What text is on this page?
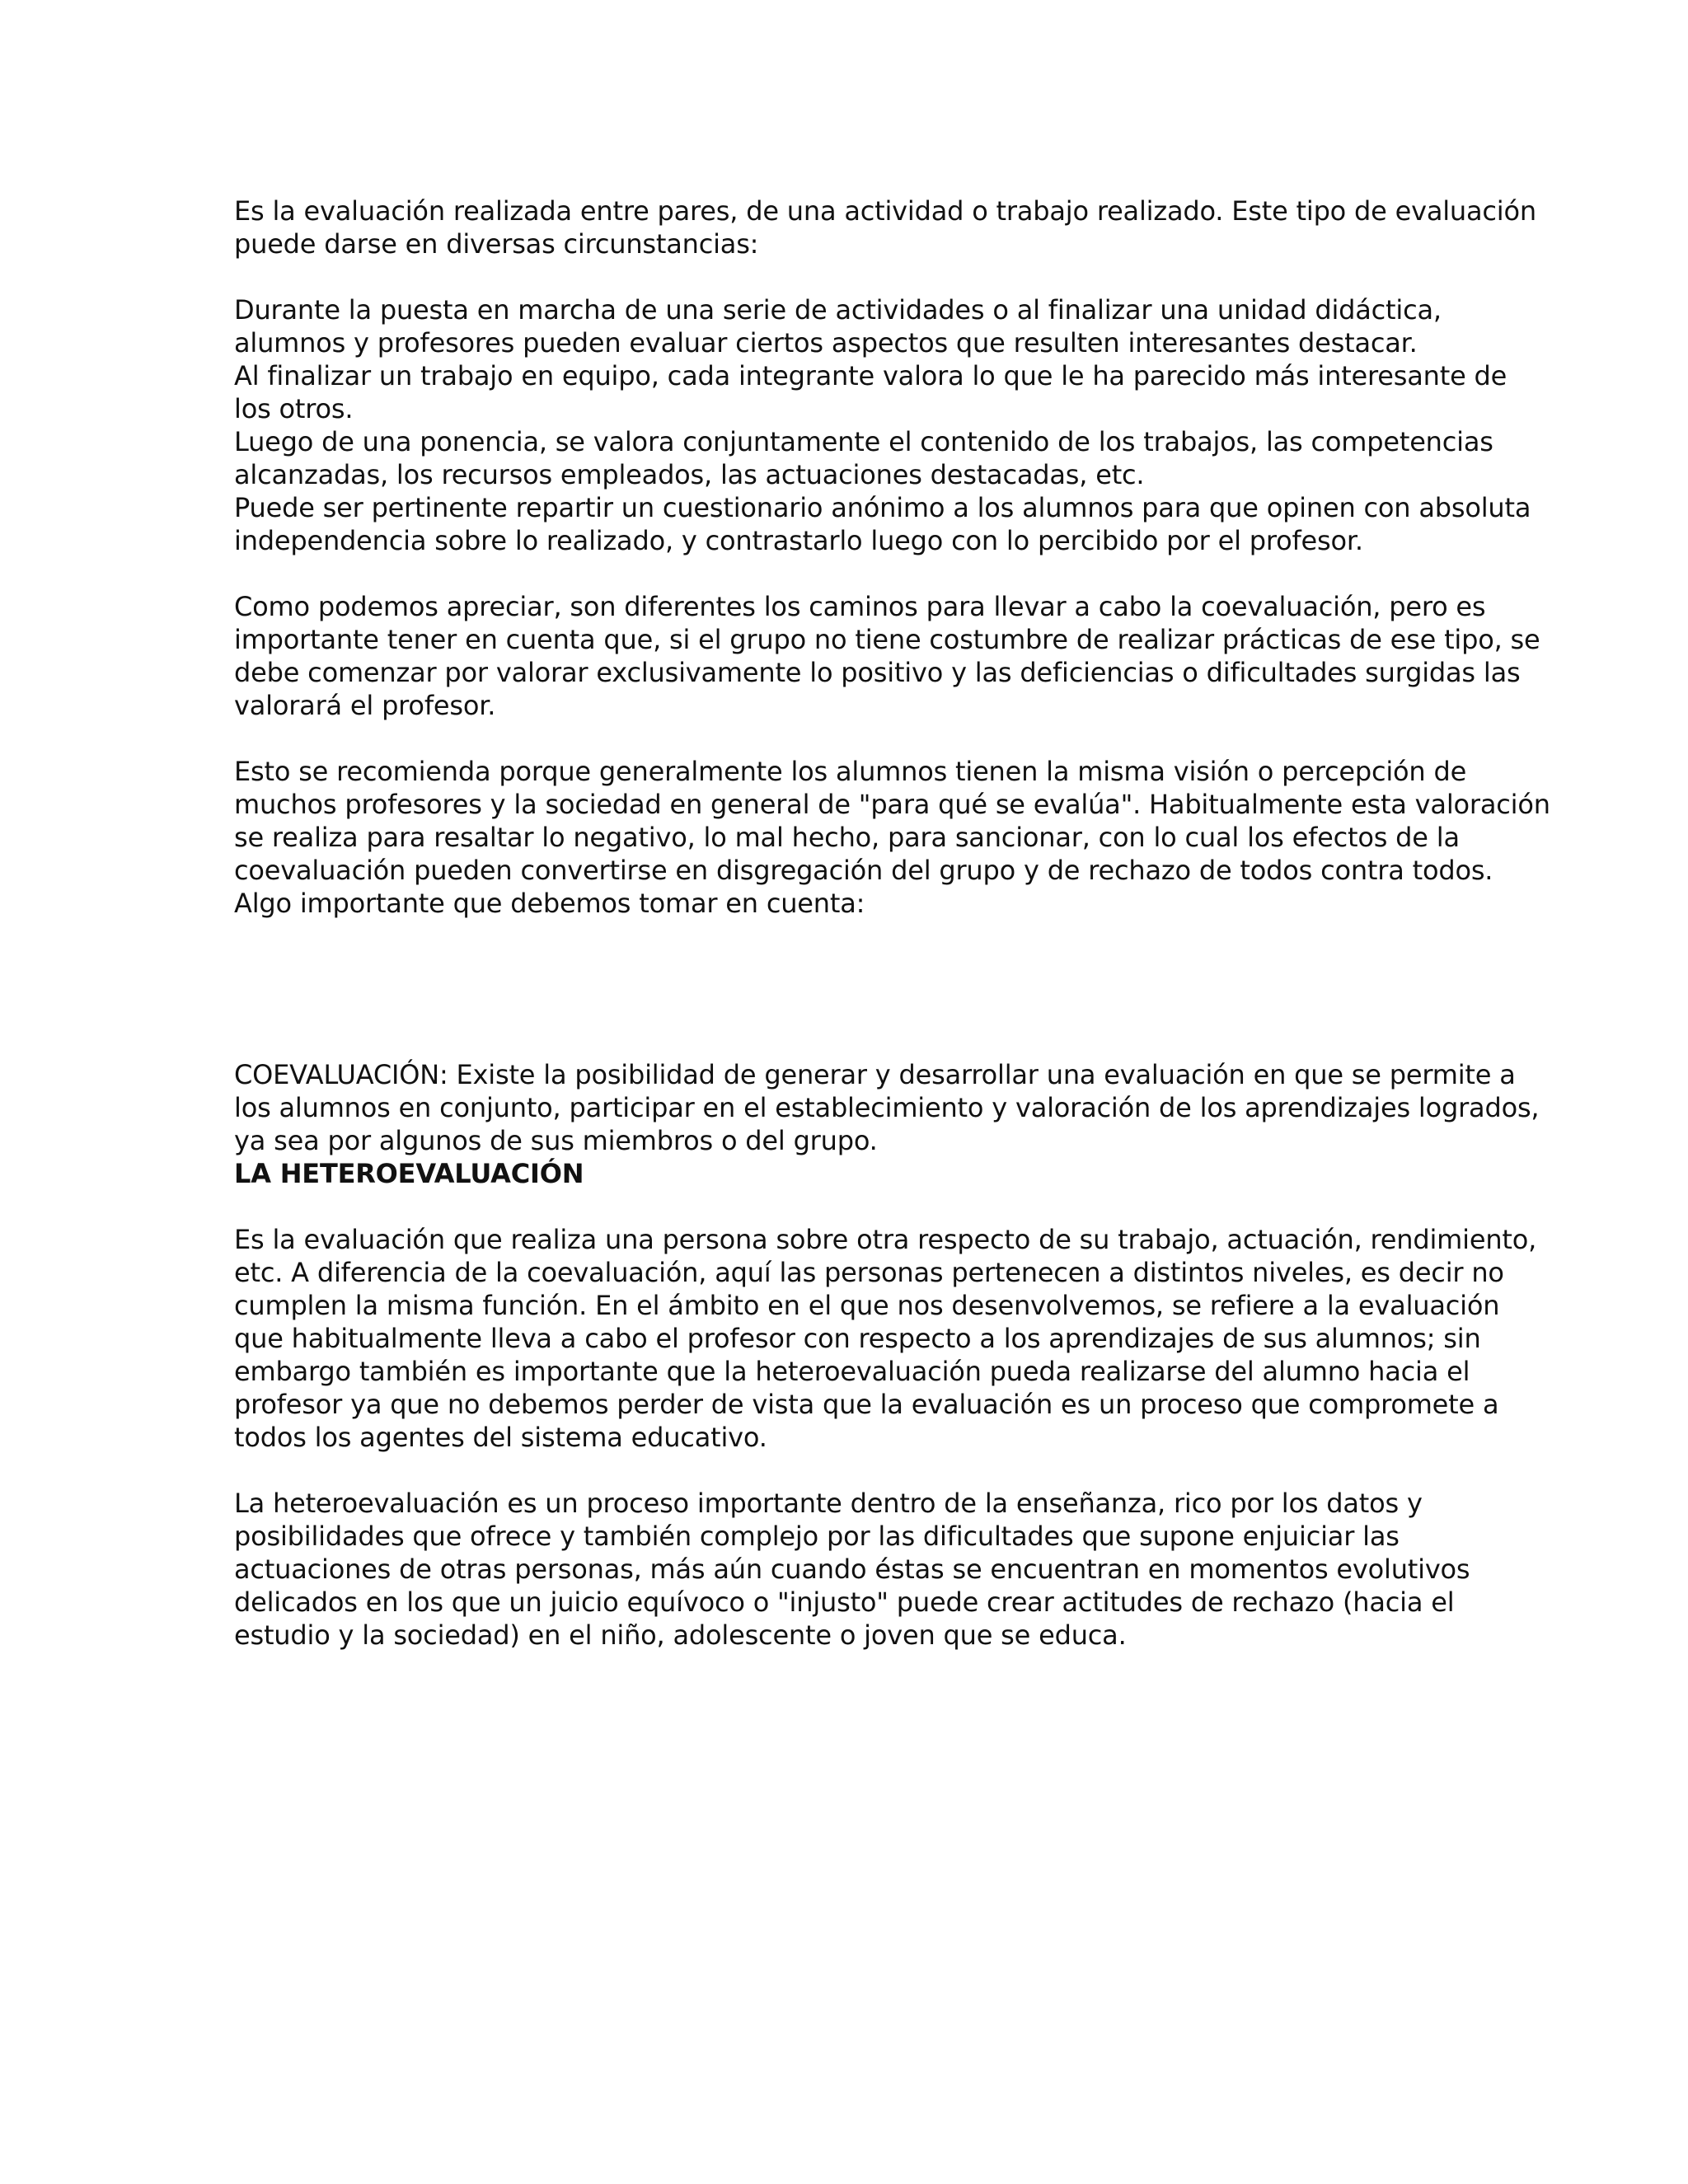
Es la evaluación realizada entre pares, de una actividad o trabajo realizado. Este tipo de evaluación
puede darse en diversas circunstancias:
Durante la puesta en marcha de una serie de actividades o al finalizar una unidad didáctica,
alumnos y profesores pueden evaluar ciertos aspectos que resulten interesantes destacar.
Al finalizar un trabajo en equipo, cada integrante valora lo que le ha parecido más interesante de
los otros.
Luego de una ponencia, se valora conjuntamente el contenido de los trabajos, las competencias
alcanzadas, los recursos empleados, las actuaciones destacadas, etc.
Puede ser pertinente repartir un cuestionario anónimo a los alumnos para que opinen con absoluta
independencia sobre lo realizado, y contrastarlo luego con lo percibido por el profesor.
Como podemos apreciar, son diferentes los caminos para llevar a cabo la coevaluación, pero es
importante tener en cuenta que, si el grupo no tiene costumbre de realizar prácticas de ese tipo, se
debe comenzar por valorar exclusivamente lo positivo y las deficiencias o dificultades surgidas las
valorará el profesor.
Esto se recomienda porque generalmente los alumnos tienen la misma visión o percepción de
muchos profesores y la sociedad en general de "para qué se evalúa". Habitualmente esta valoración
se realiza para resaltar lo negativo, lo mal hecho, para sancionar, con lo cual los efectos de la
coevaluación pueden convertirse en disgregación del grupo y de rechazo de todos contra todos.
Algo importante que debemos tomar en cuenta:
COEVALUACIÓN: Existe la posibilidad de generar y desarrollar una evaluación en que se permite a
los alumnos en conjunto, participar en el establecimiento y valoración de los aprendizajes logrados,
ya sea por algunos de sus miembros o del grupo.
LA HETEROEVALUACIÓN
Es la evaluación que realiza una persona sobre otra respecto de su trabajo, actuación, rendimiento,
etc. A diferencia de la coevaluación, aquí las personas pertenecen a distintos niveles, es decir no
cumplen la misma función. En el ámbito en el que nos desenvolvemos, se refiere a la evaluación
que habitualmente lleva a cabo el profesor con respecto a los aprendizajes de sus alumnos; sin
embargo también es importante que la heteroevaluación pueda realizarse del alumno hacia el
profesor ya que no debemos perder de vista que la evaluación es un proceso que compromete a
todos los agentes del sistema educativo.
La heteroevaluación es un proceso importante dentro de la enseñanza, rico por los datos y
posibilidades que ofrece y también complejo por las dificultades que supone enjuiciar las
actuaciones de otras personas, más aún cuando éstas se encuentran en momentos evolutivos
delicados en los que un juicio equívoco o "injusto" puede crear actitudes de rechazo (hacia el
estudio y la sociedad) en el niño, adolescente o joven que se educa.
